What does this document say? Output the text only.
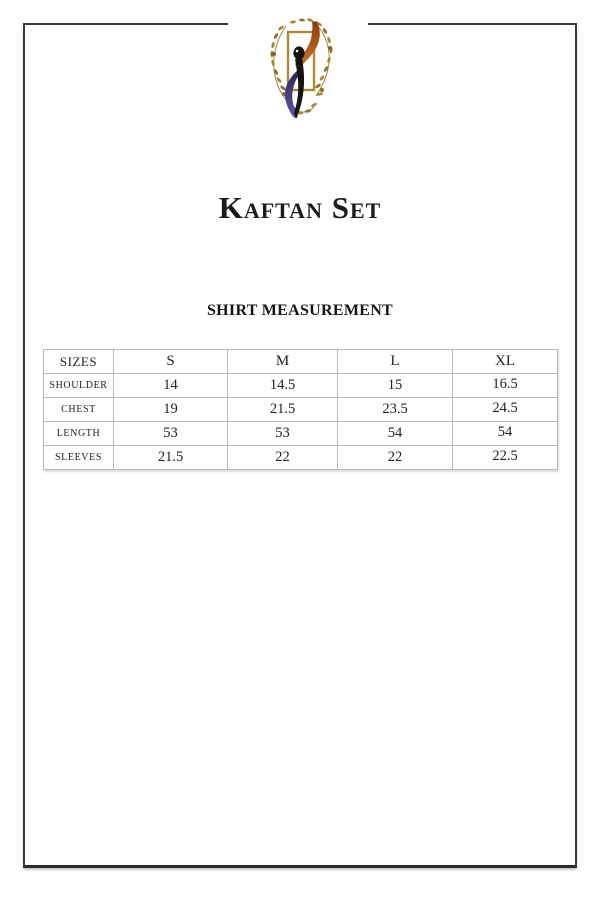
Kaftan Set
SHIRT MEASUREMENT
SIZES	S	M	L	XL
SHOULDER	14	14.5	15	16.5
CHEST	19	21.5	23.5	24.5
LENGTH	53	53	54	54
SLEEVES	21.5	22	22	22.5
